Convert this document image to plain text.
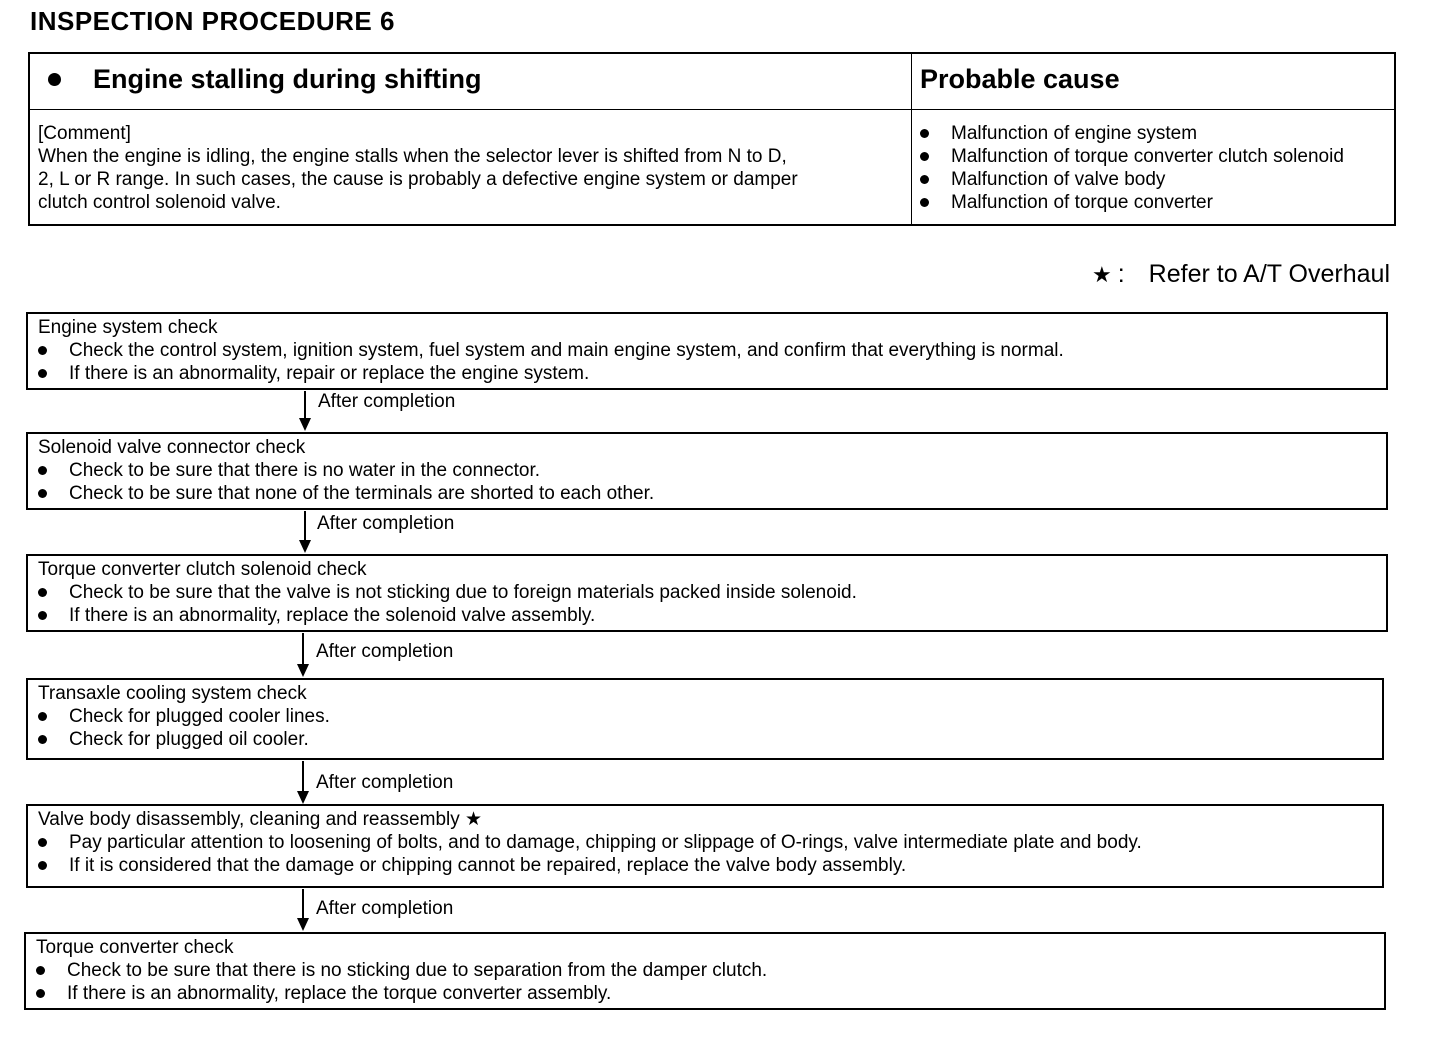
INSPECTION PROCEDURE 6
Engine stalling during shifting	Probable cause
[Comment]
When the engine is idling, the engine stalls when the selector lever is shifted from N to D,
2, L or R range. In such cases, the cause is probably a defective engine system or damper
clutch control solenoid valve.
Malfunction of engine system
Malfunction of torque converter clutch solenoid
Malfunction of valve body
Malfunction of torque converter
★ : Refer to A/T Overhaul
Engine system check
Check the control system, ignition system, fuel system and main engine system, and confirm that everything is normal.
If there is an abnormality, repair or replace the engine system.
After completion
Solenoid valve connector check
Check to be sure that there is no water in the connector.
Check to be sure that none of the terminals are shorted to each other.
After completion
Torque converter clutch solenoid check
Check to be sure that the valve is not sticking due to foreign materials packed inside solenoid.
If there is an abnormality, replace the solenoid valve assembly.
After completion
Transaxle cooling system check
Check for plugged cooler lines.
Check for plugged oil cooler.
After completion
Valve body disassembly, cleaning and reassembly ★
Pay particular attention to loosening of bolts, and to damage, chipping or slippage of O-rings, valve intermediate plate and body.
If it is considered that the damage or chipping cannot be repaired, replace the valve body assembly.
After completion
Torque converter check
Check to be sure that there is no sticking due to separation from the damper clutch.
If there is an abnormality, replace the torque converter assembly.
